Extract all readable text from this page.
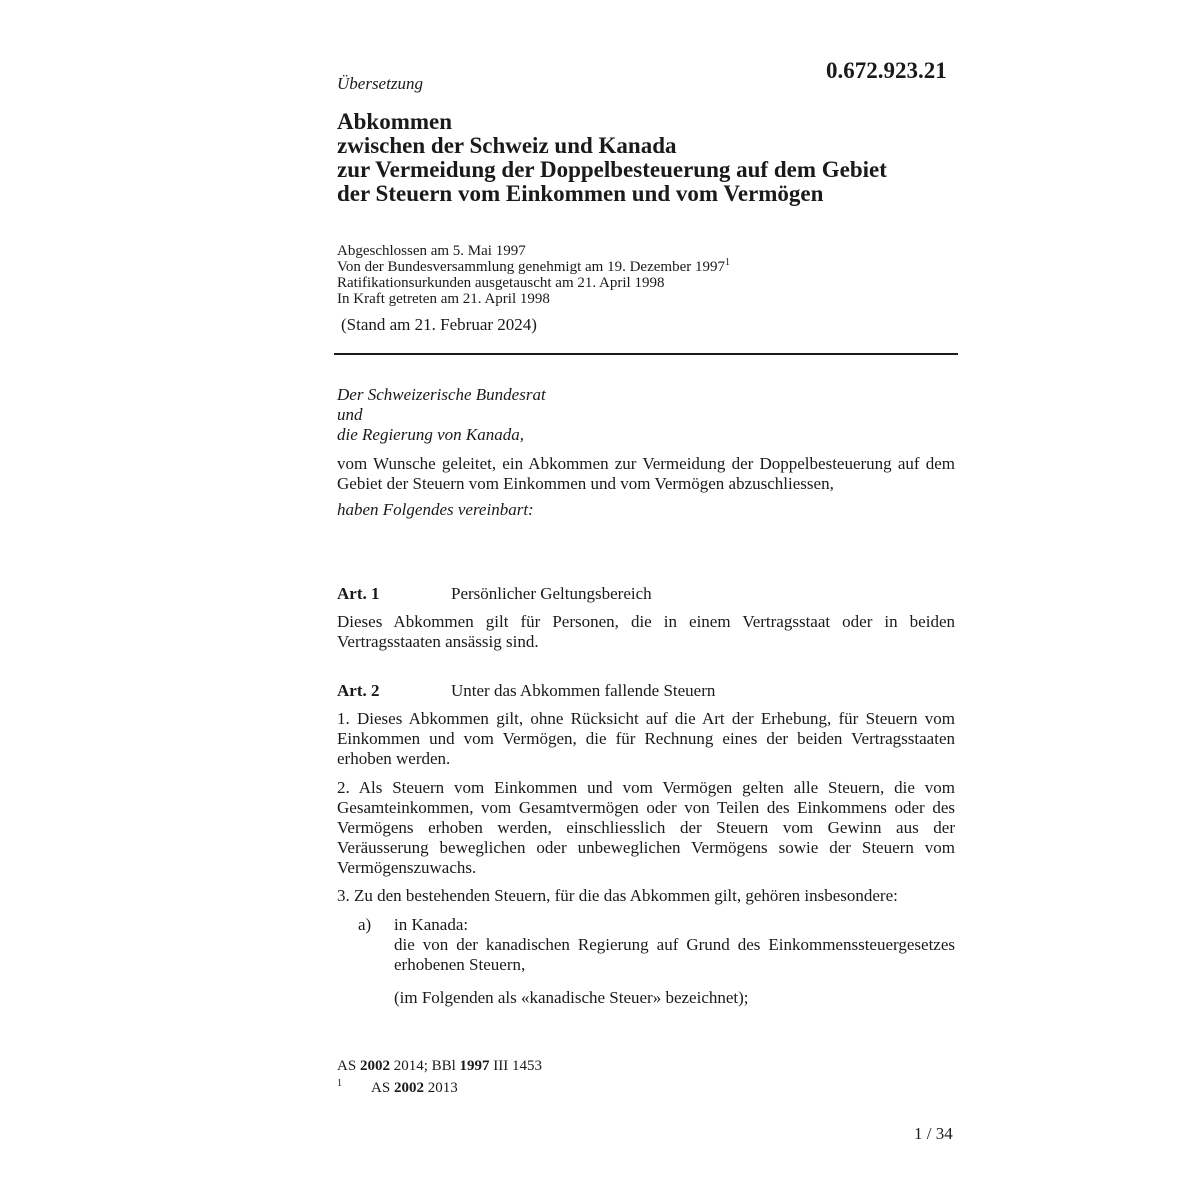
0.672.923.21
Übersetzung
Abkommen
zwischen der Schweiz und Kanada
zur Vermeidung der Doppelbesteuerung auf dem Gebiet
der Steuern vom Einkommen und vom Vermögen
Abgeschlossen am 5. Mai 1997
Von der Bundesversammlung genehmigt am 19. Dezember 1997$^1$
Ratifikationsurkunden ausgetauscht am 21. April 1998
In Kraft getreten am 21. April 1998
(Stand am 21. Februar 2024)
Der Schweizerische Bundesrat
und
die Regierung von Kanada,
vom Wunsche geleitet, ein Abkommen zur Vermeidung der Doppelbesteuerung auf dem Gebiet der Steuern vom Einkommen und vom Vermögen abzuschliessen,
haben Folgendes vereinbart:
Art. 1	Persönlicher Geltungsbereich
Dieses Abkommen gilt für Personen, die in einem Vertragsstaat oder in beiden Vertragsstaaten ansässig sind.
Art. 2	Unter das Abkommen fallende Steuern
1. Dieses Abkommen gilt, ohne Rücksicht auf die Art der Erhebung, für Steuern vom Einkommen und vom Vermögen, die für Rechnung eines der beiden Vertragsstaaten erhoben werden.
2. Als Steuern vom Einkommen und vom Vermögen gelten alle Steuern, die vom Gesamteinkommen, vom Gesamtvermögen oder von Teilen des Einkommens oder des Vermögens erhoben werden, einschliesslich der Steuern vom Gewinn aus der Veräusserung beweglichen oder unbeweglichen Vermögens sowie der Steuern vom Vermögenszuwachs.
3. Zu den bestehenden Steuern, für die das Abkommen gilt, gehören insbesondere:
a) in Kanada:
die von der kanadischen Regierung auf Grund des Einkommenssteuergesetzes erhobenen Steuern,
(im Folgenden als «kanadische Steuer» bezeichnet);
AS 2002 2014; BBl 1997 III 1453
1 AS 2002 2013
1 / 34
